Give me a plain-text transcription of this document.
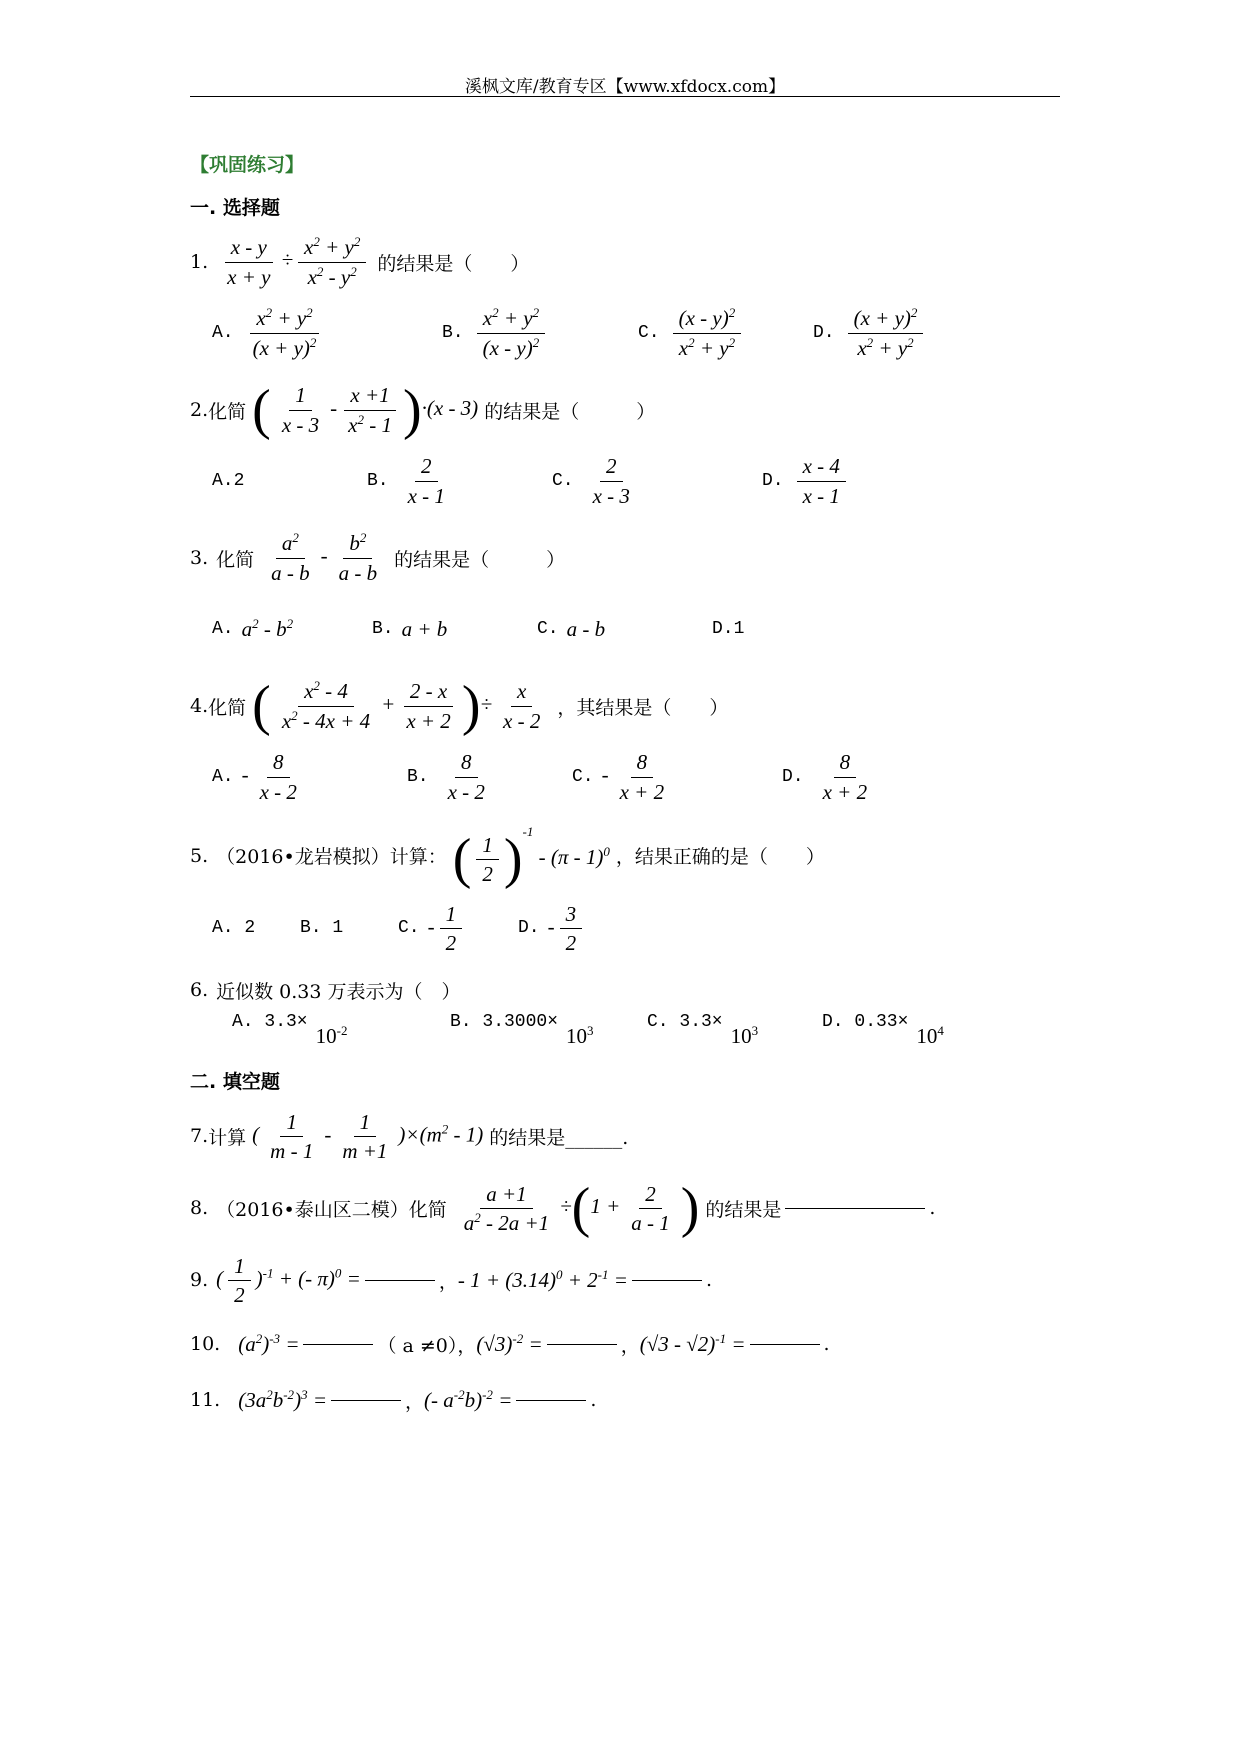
溪枫文库/教育专区【www.xfdocx.com】
【巩固练习】
一. 选择题
1. $\frac{x - y}{x + y} \div \frac{x^2 + y^2}{x^2 - y^2}$ 的结果是（　　）
A. $\frac{x^2 + y^2}{(x + y)^2}$	B. $\frac{x^2 + y^2}{(x - y)^2}$	C. $\frac{(x - y)^2}{x^2 + y^2}$	D. $\frac{(x + y)^2}{x^2 + y^2}$
2. 化简 ( $\frac{1}{x - 3} - \frac{x +1}{x^2 - 1} )\cdot(x - 3)$ 的结果是（　　　）
A.2	B. $\frac{2}{x - 1}$	C. $\frac{2}{x - 3}$	D. $\frac{x - 4}{x - 1}$
3. 化简 $\frac{a^2}{a - b} - \frac{b^2}{a - b}$ 的结果是（　　　）
A. $a^2 - b^2$	B. a + b	C. a - b	D.1
4. 化简 ( $\frac{x^2 - 4}{x^2 - 4x + 4} + \frac{2 - x}{x + 2}$ )÷ $\frac{x}{x - 2}$ ，其结果是（　　）
A. - $\frac{8}{x - 2}$	B. $\frac{8}{x - 2}$	C. - $\frac{8}{x + 2}$	D. $\frac{8}{x + 2}$
5. （2016•龙岩模拟）计算： ( $\frac{1}{2} )^{-1} - (\pi - 1)^0$ ，结果正确的是（　　）
A. 2 B. 1	C. - $\frac{1}{2}$	D. - $\frac{3}{2}$
6. 近似数 0.33 万表示为（　）
A. 3.3×
$10^{-2}$	B. 3.3000×
$10^3$	C. 3.3×
$10^3$	D. 0.33×
$10^4$
二. 填空题
7. 计算 ( $\frac{1}{m - 1} - \frac{1}{m +1} )\times(m^2 - 1)$ 的结果是______.
8. （2016•泰山区二模）化简 $\frac{a +1}{a^2 - 2a +1} \div(1 + \frac{2}{a - 1}$ ) 的结果是	.
9. ( $\frac{1}{2} )^{-1}$ + (- π)$^0$ =	， - $1 + (3.14)^0 + 2^{-1}$ =	.
10. $(a^2)^{-3}$ =	（ a ≠0）， $(√3)^{-2}$ =	， (√3 - √2)$^{-1}$ =	.
11. $(3a^2b^{-2})^3$ =	， (- $a^{-2}b)^{-2}$ =	.
